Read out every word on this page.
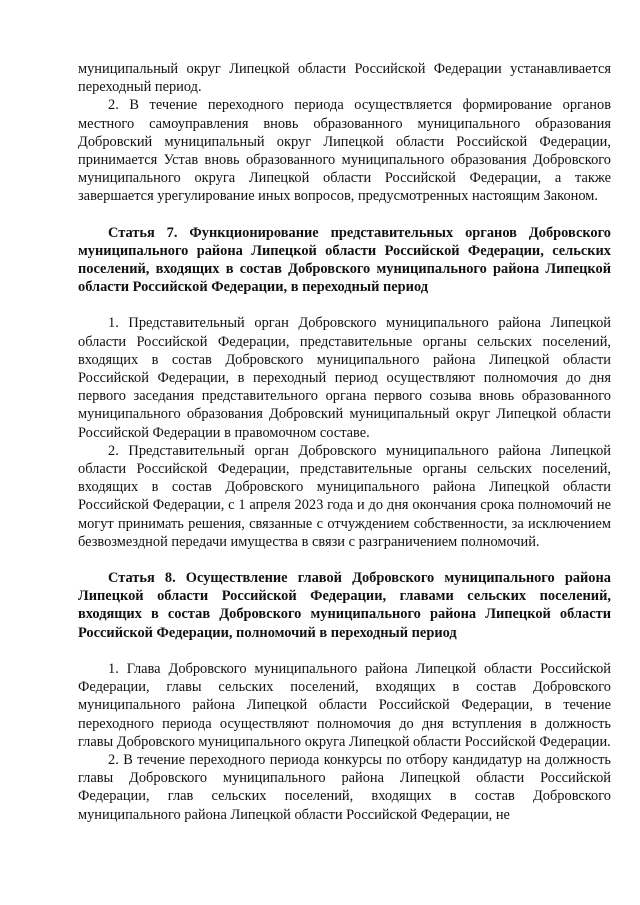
муниципальный округ Липецкой области Российской Федерации устанавливается переходный период.

2. В течение переходного периода осуществляется формирование органов местного самоуправления вновь образованного муниципального образования Добровский муниципальный округ Липецкой области Российской Федерации, принимается Устав вновь образованного муниципального образования Добровского муниципального округа Липецкой области Российской Федерации, а также завершается урегулирование иных вопросов, предусмотренных настоящим Законом.

Статья 7. Функционирование представительных органов Добровского муниципального района Липецкой области Российской Федерации, сельских поселений, входящих в состав Добровского муниципального района Липецкой области Российской Федерации, в переходный период

1. Представительный орган Добровского муниципального района Липецкой области Российской Федерации, представительные органы сельских поселений, входящих в состав Добровского муниципального района Липецкой области Российской Федерации, в переходный период осуществляют полномочия до дня первого заседания представительного органа первого созыва вновь образованного муниципального образования Добровский муниципальный округ Липецкой области Российской Федерации в правомочном составе.

2. Представительный орган Добровского муниципального района Липецкой области Российской Федерации, представительные органы сельских поселений, входящих в состав Добровского муниципального района Липецкой области Российской Федерации, с 1 апреля 2023 года и до дня окончания срока полномочий не могут принимать решения, связанные с отчуждением собственности, за исключением безвозмездной передачи имущества в связи с разграничением полномочий.

Статья 8. Осуществление главой Добровского муниципального района Липецкой области Российской Федерации, главами сельских поселений, входящих в состав Добровского муниципального района Липецкой области Российской Федерации, полномочий в переходный период

1. Глава Добровского муниципального района Липецкой области Российской Федерации, главы сельских поселений, входящих в состав Добровского муниципального района Липецкой области Российской Федерации, в течение переходного периода осуществляют полномочия до дня вступления в должность главы Добровского муниципального округа Липецкой области Российской Федерации.

2. В течение переходного периода конкурсы по отбору кандидатур на должность главы Добровского муниципального района Липецкой области Российской Федерации, глав сельских поселений, входящих в состав Добровского муниципального района Липецкой области Российской Федерации, не
